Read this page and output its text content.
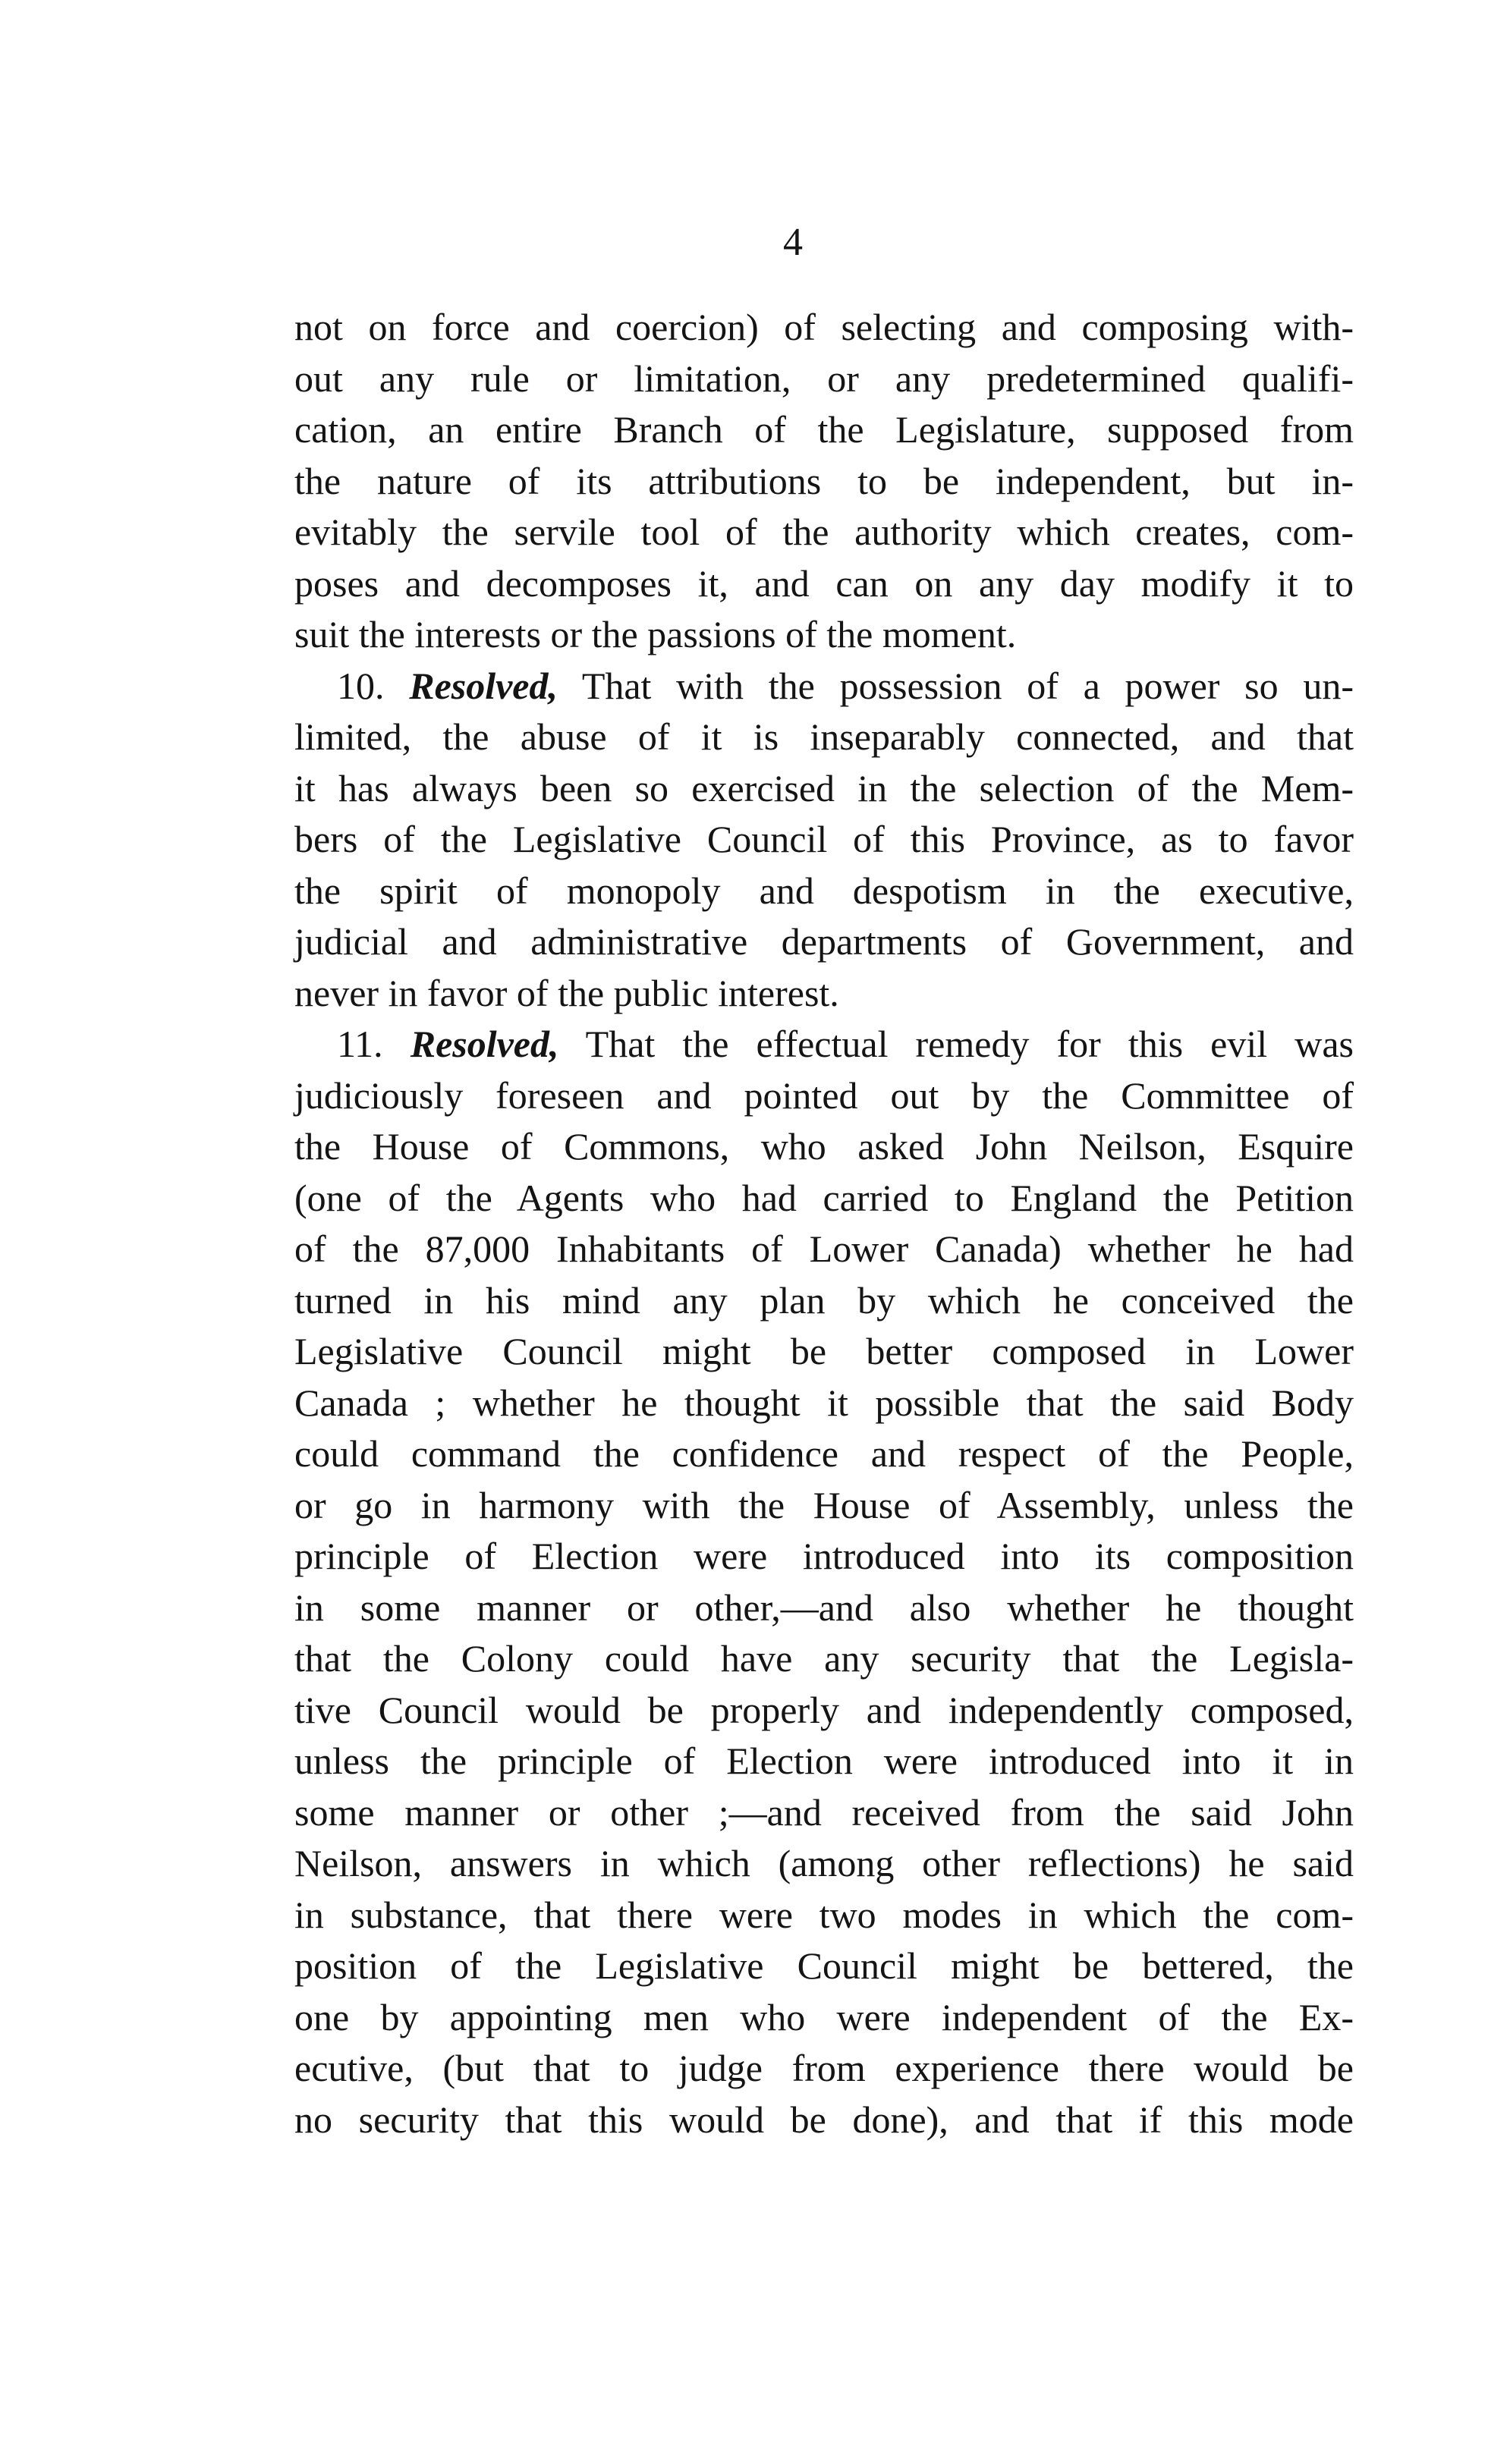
4
not on force and coercion) of selecting and composing with-
out any rule or limitation, or any predetermined qualifi-
cation, an entire Branch of the Legislature, supposed from
the nature of its attributions to be independent, but in-
evitably the servile tool of the authority which creates, com-
poses and decomposes it, and can on any day modify it to
suit the interests or the passions of the moment.
10. Resolved, That with the possession of a power so un-
limited, the abuse of it is inseparably connected, and that
it has always been so exercised in the selection of the Mem-
bers of the Legislative Council of this Province, as to favor
the spirit of monopoly and despotism in the executive,
judicial and administrative departments of Government, and
never in favor of the public interest.
11. Resolved, That the effectual remedy for this evil was
judiciously foreseen and pointed out by the Committee of
the House of Commons, who asked John Neilson, Esquire
(one of the Agents who had carried to England the Petition
of the 87,000 Inhabitants of Lower Canada) whether he had
turned in his mind any plan by which he conceived the
Legislative Council might be better composed in Lower
Canada ; whether he thought it possible that the said Body
could command the confidence and respect of the People,
or go in harmony with the House of Assembly, unless the
principle of Election were introduced into its composition
in some manner or other,—and also whether he thought
that the Colony could have any security that the Legisla-
tive Council would be properly and independently composed,
unless the principle of Election were introduced into it in
some manner or other ;—and received from the said John
Neilson, answers in which (among other reflections) he said
in substance, that there were two modes in which the com-
position of the Legislative Council might be bettered, the
one by appointing men who were independent of the Ex-
ecutive, (but that to judge from experience there would be
no security that this would be done), and that if this mode
